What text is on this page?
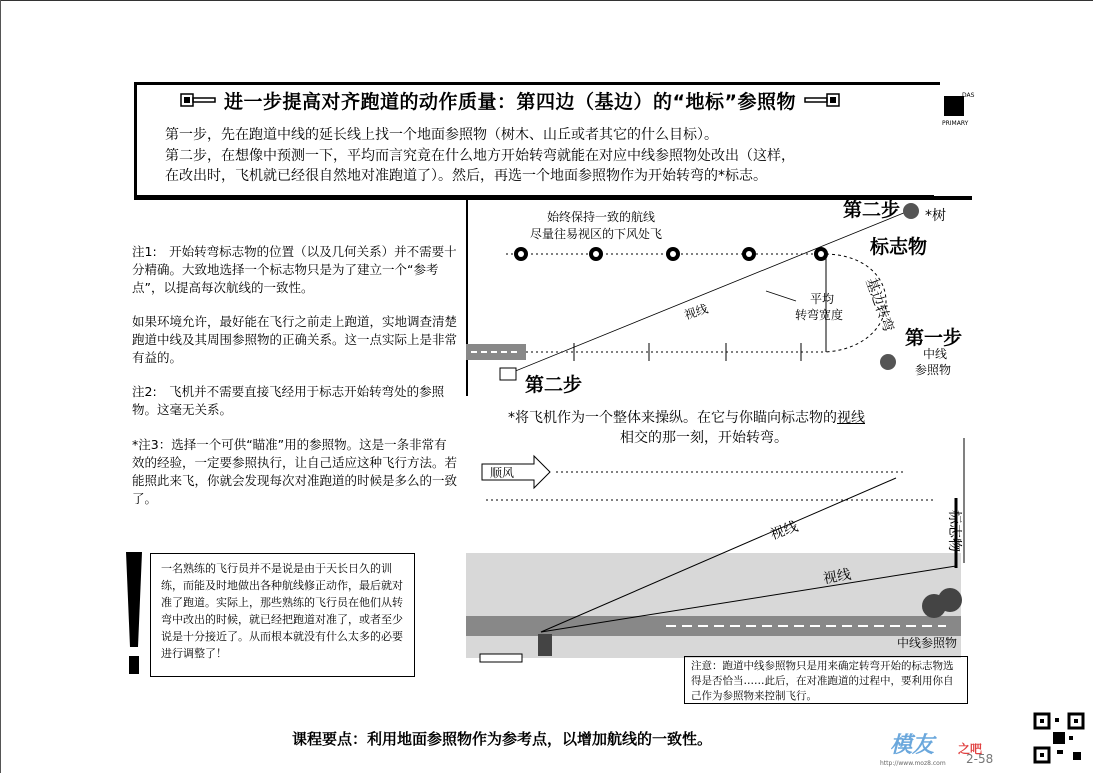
进一步提高对齐跑道的动作质量：第四边（基边）的“地标”参照物	DAS
PRIMARY
第一步，先在跑道中线的延长线上找一个地面参照物（树木、山丘或者其它的什么目标）。
第二步，在想像中预测一下，平均而言究竟在什么地方开始转弯就能在对应中线参照物处改出（这样，
在改出时，飞机就已经很自然地对准跑道了）。然后，再选一个地面参照物作为开始转弯的*标志。
注1:　开始转弯标志物的位置（以及几何关系）并不需要十分精确。大致地选择一个标志物只是为了建立一个“参考点”，以提高每次航线的一致性。
如果环境允许，最好能在飞行之前走上跑道，实地调查清楚跑道中线及其周围参照物的正确关系。这一点实际上是非常有益的。
注2:　飞机并不需要直接飞经用于标志开始转弯处的参照物。这毫无关系。
*注3：选择一个可供“瞄准”用的参照物。这是一条非常有效的经验，一定要参照执行，让自己适应这种飞行方法。若能照此来飞，你就会发现每次对准跑道的时候是多么的一致了。
一名熟练的飞行员并不是说是由于天长日久的训练，而能及时地做出各种航线修正动作，最后就对准了跑道。实际上，那些熟练的飞行员在他们从转弯中改出的时候，就已经把跑道对准了，或者至少说是十分接近了。从而根本就没有什么太多的必要进行调整了！
始终保持一致的航线
尽量往易视区的下风处飞
第二步 *树
标志物
基边转弯
平均
转弯宽度
视线
第一步
中线
参照物
第二步
*将飞机作为一个整体来操纵。在它与你瞄向标志物的视线
相交的那一刻，开始转弯。
顺风
视线
视线
标志物
中线参照物
注意：跑道中线参照物只是用来确定转弯开始的标志物选得是否恰当……此后，在对准跑道的过程中，要利用你自己作为参照物来控制飞行。
课程要点：利用地面参照物作为参考点，以增加航线的一致性。	模友 之吧
http://www.moz8.com 2-58
